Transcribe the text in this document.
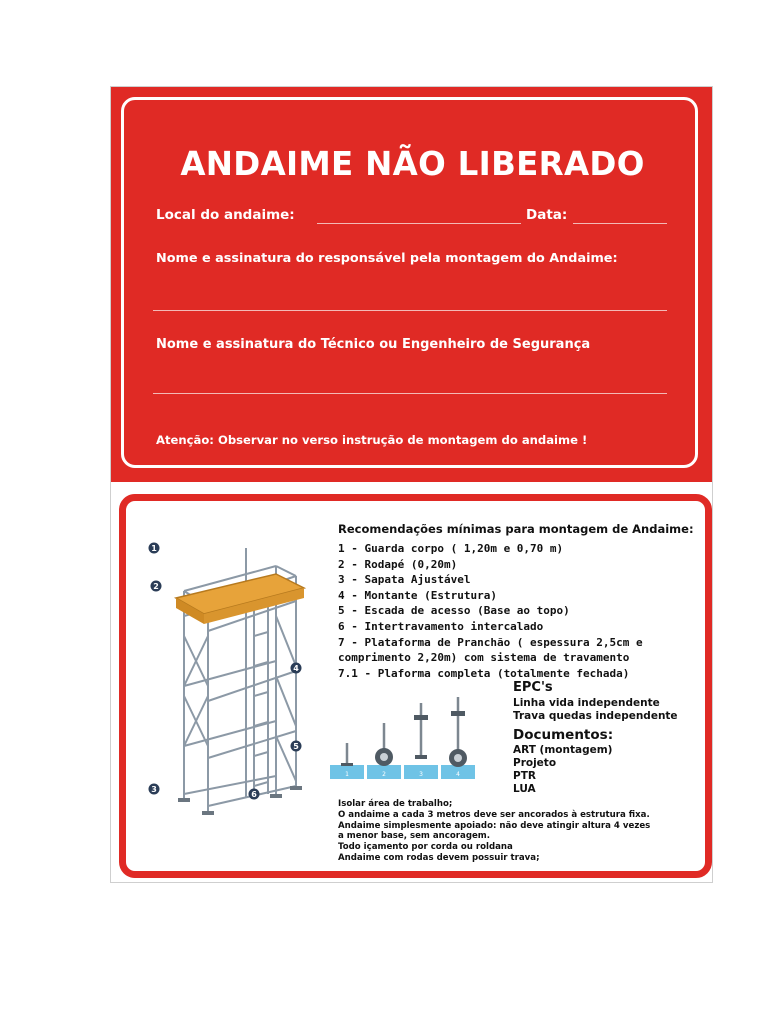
ANDAIME NÃO LIBERADO
Local do andaime:	Data:
Nome e assinatura do responsável pela montagem do Andaime:
Nome e assinatura do Técnico ou Engenheiro de Segurança
Atenção: Observar no verso instrução de montagem do andaime !
1
2
3
4
5
6
Recomendações mínimas para montagem de Andaime:
1 - Guarda corpo ( 1,20m e 0,70 m)
2 - Rodapé (0,20m)
3 - Sapata Ajustável
4 - Montante (Estrutura)
5 - Escada de acesso (Base ao topo)
6 - Intertravamento intercalado
7 - Plataforma de Pranchão ( espessura 2,5cm e
comprimento 2,20m) com sistema de travamento
7.1 - Plaforma completa (totalmente fechada)
EPC's
Linha vida independente
Trava quedas independente
Documentos:
ART (montagem)
Projeto
PTR
LUA
1	2	3	4
Isolar área de trabalho;
O andaime a cada 3 metros deve ser ancorados à estrutura fixa.
Andaime simplesmente apoiado: não deve atingir altura 4 vezes
a menor base, sem ancoragem.
Todo içamento por corda ou roldana
Andaime com rodas devem possuir trava;
